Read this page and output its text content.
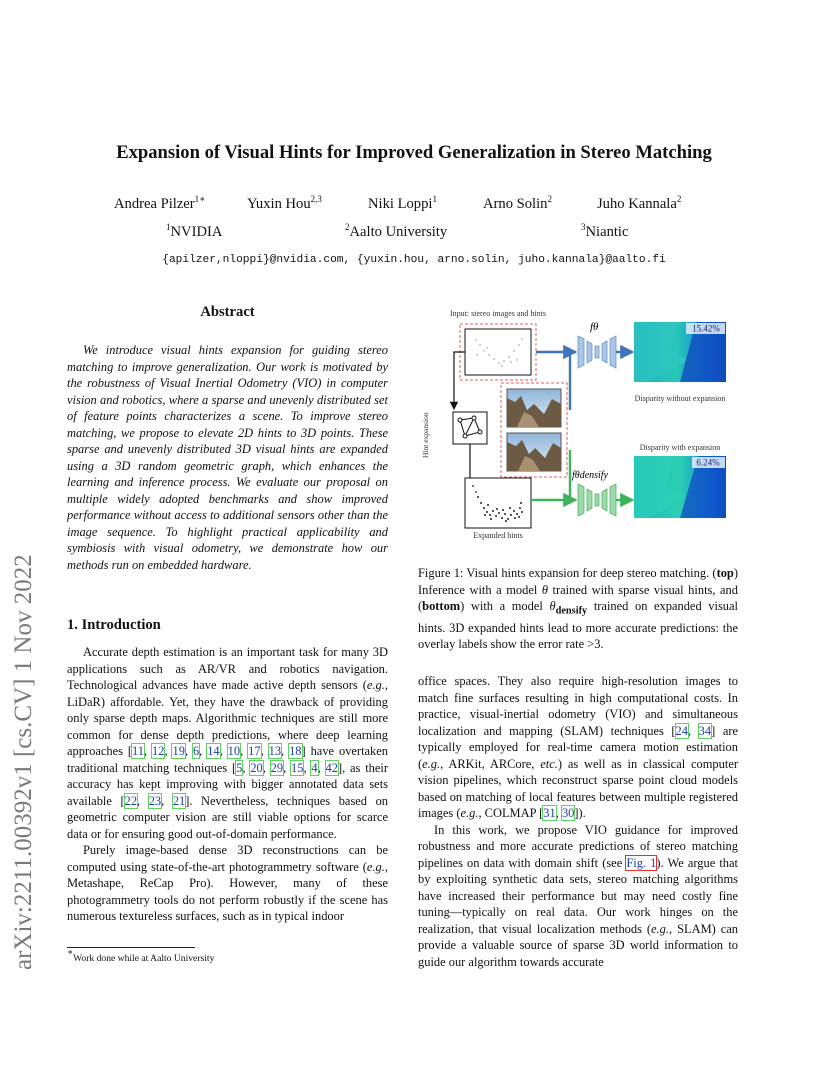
Expansion of Visual Hints for Improved Generalization in Stereo Matching
Andrea Pilzer$^{1∗}$	Yuxin Hou$^{2,3}$	Niki Loppi$^1$	Arno Solin$^2$	Juho Kannala$^2$
$^1$NVIDIA	$^2$Aalto University	$^3$Niantic
{apilzer,nloppi}@nvidia.com, {yuxin.hou, arno.solin, juho.kannala}@aalto.fi
arXiv:2211.00392v1 [cs.CV] 1 Nov 2022
Abstract

We introduce visual hints expansion for guiding stereo matching to improve generalization. Our work is motivated by the robustness of Visual Inertial Odometry (VIO) in computer vision and robotics, where a sparse and unevenly distributed set of feature points characterizes a scene. To improve stereo matching, we propose to elevate 2D hints to 3D points. These sparse and unevenly distributed 3D visual hints are expanded using a 3D random geometric graph, which enhances the learning and inference process. We evaluate our proposal on multiple widely adopted benchmarks and show improved performance without access to additional sensors other than the image sequence. To highlight practical applicability and symbiosis with visual odometry, we demonstrate how our methods run on embedded hardware.

1. Introduction

Accurate depth estimation is an important task for many 3D applications such as AR/VR and robotics navigation. Technological advances have made active depth sensors (e.g., LiDaR) affordable. Yet, they have the drawback of providing only sparse depth maps. Algorithmic techniques are still more common for dense depth predictions, where deep learning approaches [11, 12, 19, 6, 14, 10, 17, 13, 18] have overtaken traditional matching techniques [5, 20, 29, 15, 4, 42], as their accuracy has kept improving with bigger annotated data sets available [22, 23, 21]. Nevertheless, techniques based on geometric computer vision are still viable options for scarce data or for ensuring good out-of-domain performance.

Purely image-based dense 3D reconstructions can be computed using state-of-the-art photogrammetry software (e.g., Metashape, ReCap Pro). However, many of these photogrammetry tools do not perform robustly if the scene has numerous textureless surfaces, such as in typical indoor

∗Work done while at Aalto University
Input: stereo images and hints
Hint expansion
Expanded hints
fθ	15.42%
Disparity without expansion
fθdensify
6.24%
Disparity with expansion

Figure 1: Visual hints expansion for deep stereo matching. (top) Inference with a model θ trained with sparse visual hints, and (bottom) with a model $\theta_{densify}$ trained on expanded visual hints. 3D expanded hints lead to more accurate predictions: the overlay labels show the error rate >3.

office spaces. They also require high-resolution images to match fine surfaces resulting in high computational costs. In practice, visual-inertial odometry (VIO) and simultaneous localization and mapping (SLAM) techniques [24, 34] are typically employed for real-time camera motion estimation (e.g., ARKit, ARCore, etc.) as well as in classical computer vision pipelines, which reconstruct sparse point cloud models based on matching of local features between multiple registered images (e.g., COLMAP [31, 30]).

In this work, we propose VIO guidance for improved robustness and more accurate predictions of stereo matching pipelines on data with domain shift (see Fig. 1). We argue that by exploiting synthetic data sets, stereo matching algorithms have increased their performance but may need costly fine tuning—typically on real data. Our work hinges on the realization, that visual localization methods (e.g., SLAM) can provide a valuable source of sparse 3D world information to guide our algorithm towards accurate
